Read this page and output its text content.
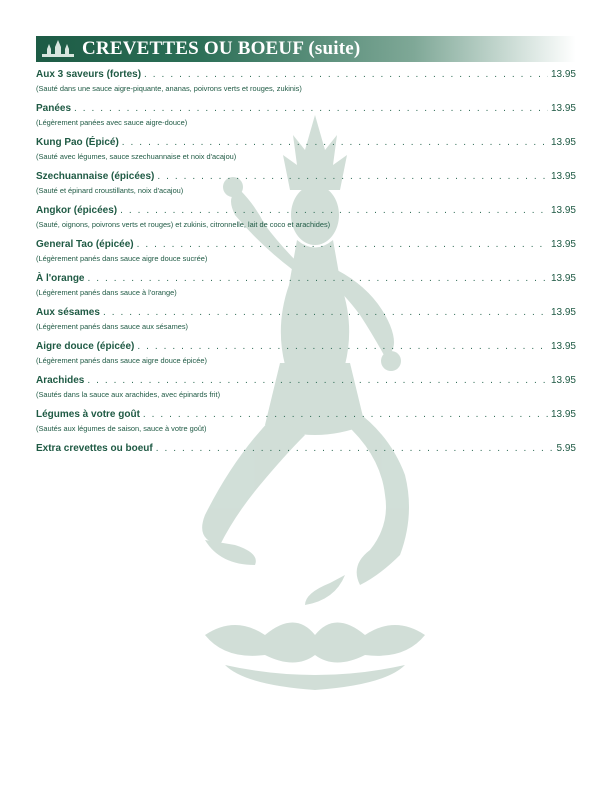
CREVETTES OU BOEUF (suite)
Aux 3 saveurs (fortes) . . .	13.95
(Sauté dans une sauce aigre-piquante, ananas, poivrons verts et rouges, zukinis)
Panées . . .	13.95
(Légèrement panées avec sauce aigre-douce)
Kung Pao (Épicé) . . .	13.95
(Sauté avec légumes, sauce szechuannaise et noix d'acajou)
Szechuannaise (épicées) . . .	13.95
(Sauté et épinard croustillants, noix d'acajou)
Angkor (épicées) . . .	13.95
(Sauté, oignons, poivrons verts et rouges) et zukinis, citronnelle, lait de coco et arachides)
General Tao (épicée) . . .	13.95
(Légèrement panés dans sauce aigre douce sucrée)
À l'orange . . .	13.95
(Légèrement panés dans sauce à l'orange)
Aux sésames . . .	13.95
(Légèrement panés dans sauce aux sésames)
Aigre douce (épicée) . . .	13.95
(Légèrement panés dans sauce aigre douce épicée)
Arachides . . .	13.95
(Sautés dans la sauce aux arachides, avec épinards frit)
Légumes à votre goût . . .	13.95
(Sautés aux légumes de saison, sauce à votre goût)
Extra crevettes ou boeuf . . .	5.95
